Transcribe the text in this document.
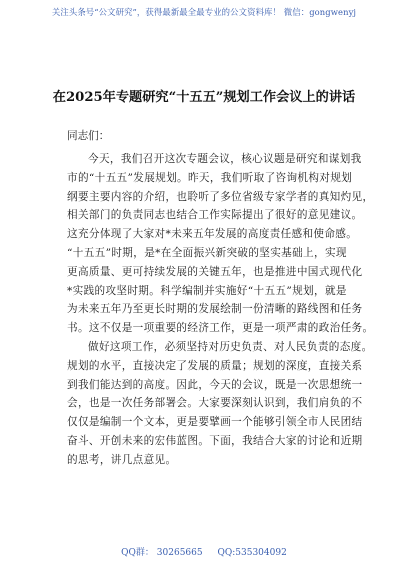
关注头条号“公文研究”，获得最新最全最专业的公文资料库！ 微信：gongwenyj
在2025年专题研究“十五五”规划工作会议上的讲话
同志们：
今天，我们召开这次专题会议，核心议题是研究和谋划我
市的“十五五”发展规划。昨天，我们听取了咨询机构对规划
纲要主要内容的介绍，也聆听了多位省级专家学者的真知灼见，
相关部门的负责同志也结合工作实际提出了很好的意见建议。
这充分体现了大家对*未来五年发展的高度责任感和使命感。
“十五五”时期，是*在全面振兴新突破的坚实基础上，实现
更高质量、更可持续发展的关键五年，也是推进中国式现代化
*实践的攻坚时期。科学编制并实施好“十五五”规划，就是
为未来五年乃至更长时期的发展绘制一份清晰的路线图和任务
书。这不仅是一项重要的经济工作，更是一项严肃的政治任务。
做好这项工作，必须坚持对历史负责、对人民负责的态度。
规划的水平，直接决定了发展的质量；规划的深度，直接关系
到我们能达到的高度。因此，今天的会议，既是一次思想统一
会，也是一次任务部署会。大家要深刻认识到，我们肩负的不
仅仅是编制一个文本，更是要擘画一个能够引领全市人民团结
奋斗、开创未来的宏伟蓝图。下面，我结合大家的讨论和近期
的思考，讲几点意见。
QQ群： 30265665 QQ:535304092
